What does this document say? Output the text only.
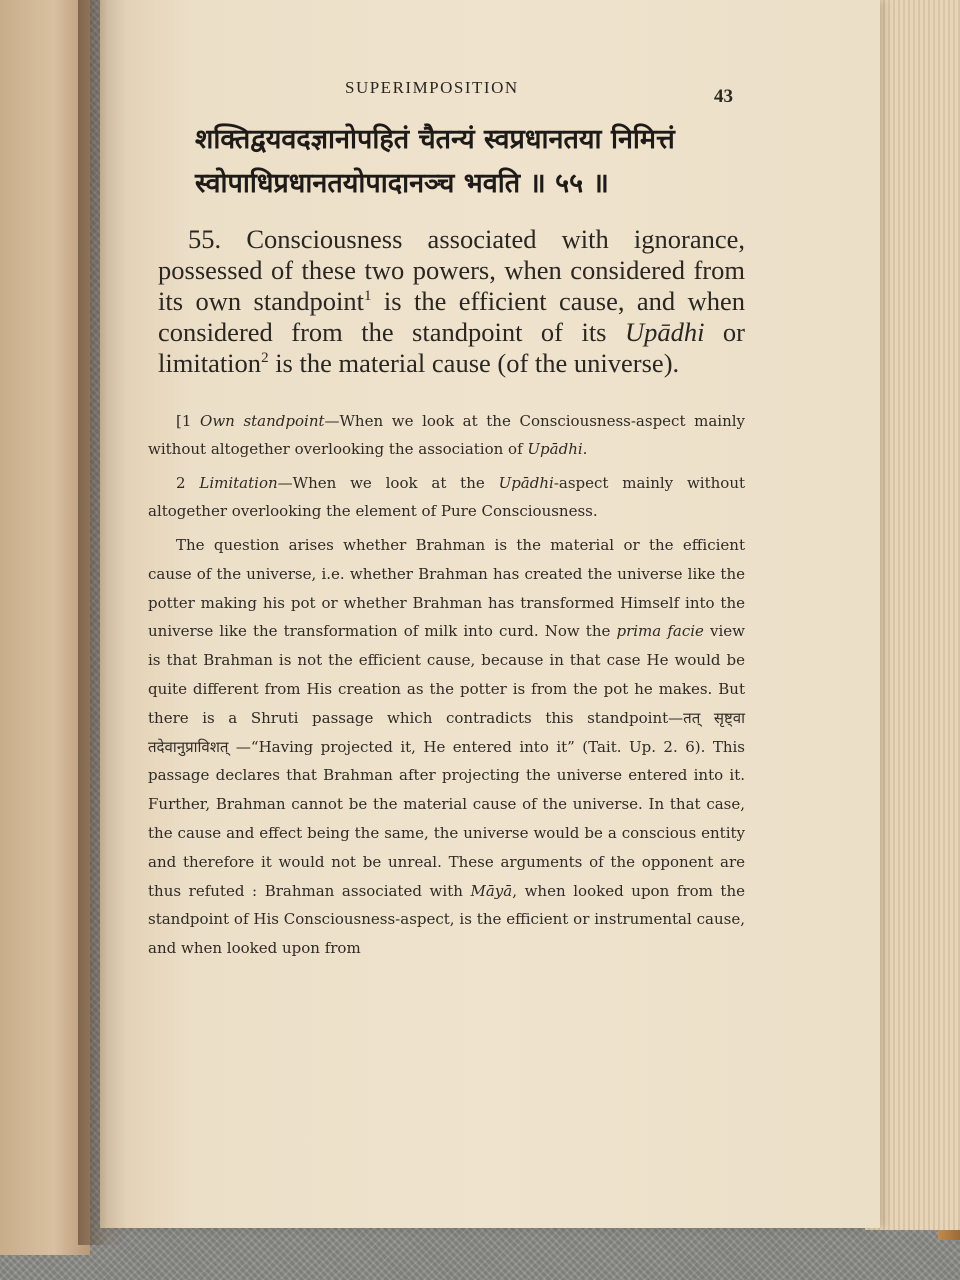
SUPERIMPOSITION	43
शक्तिद्वयवदज्ञानोपहितं चैतन्यं स्वप्रधानतया निमित्तं
स्वोपाधिप्रधानतयोपादानञ्च भवति ॥ ५५ ॥
55. Consciousness associated with ignorance, possessed of these two powers, when considered from its own standpoint$^1$ is the efficient cause, and when considered from the standpoint of its Upādhi or limitation$^2$ is the material cause (of the universe).

[1 Own standpoint—When we look at the Consciousness-aspect mainly without altogether overlooking the association of Upādhi.

2 Limitation—When we look at the Upādhi-aspect mainly without altogether overlooking the element of Pure Consciousness.

The question arises whether Brahman is the material or the efficient cause of the universe, i.e. whether Brahman has created the universe like the potter making his pot or whether Brahman has transformed Himself into the universe like the transformation of milk into curd. Now the prima facie view is that Brahman is not the efficient cause, because in that case He would be quite different from His creation as the potter is from the pot he makes. But there is a Shruti passage which contradicts this standpoint—तत् सृष्ट्वा तदेवानुप्राविशत् —“Having projected it, He entered into it” (Tait. Up. 2. 6). This passage declares that Brahman after projecting the universe entered into it. Further, Brahman cannot be the material cause of the universe. In that case, the cause and effect being the same, the universe would be a conscious entity and therefore it would not be unreal. These arguments of the opponent are thus refuted : Brahman associated with Māyā, when looked upon from the standpoint of His Consciousness-aspect, is the efficient or instrumental cause, and when looked upon from
